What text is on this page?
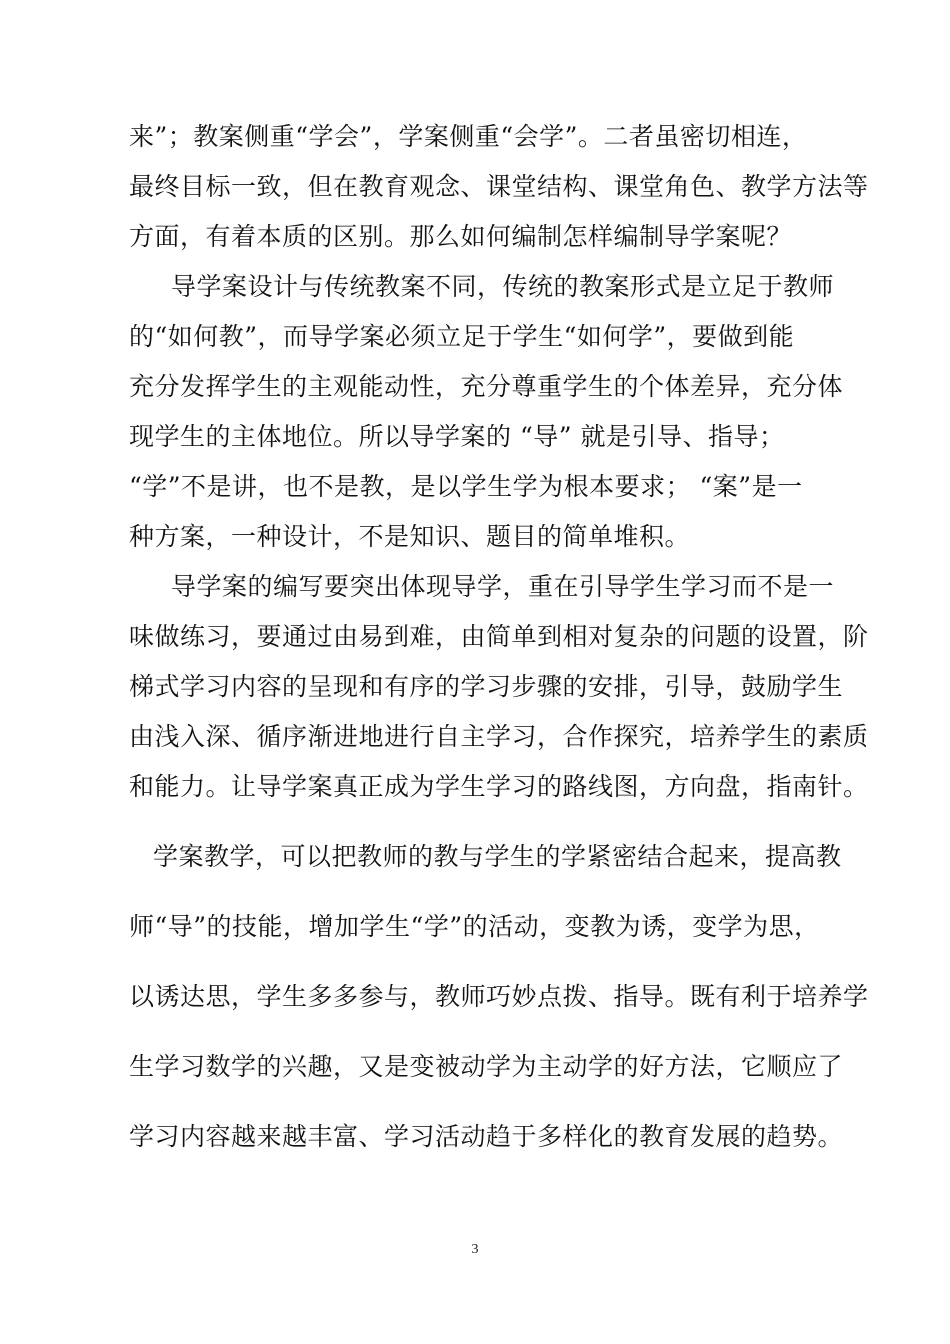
来”；教案侧重“学会”，学案侧重“会学”。二者虽密切相连，
最终目标一致，但在教育观念、课堂结构、课堂角色、教学方法等
方面，有着本质的区别。那么如何编制怎样编制导学案呢？
导学案设计与传统教案不同，传统的教案形式是立足于教师
的“如何教”，而导学案必须立足于学生“如何学”，要做到能
充分发挥学生的主观能动性，充分尊重学生的个体差异，充分体
现学生的主体地位。所以导学案的 “导” 就是引导、指导；
“学”不是讲，也不是教，是以学生学为根本要求； “案”是一
种方案，一种设计，不是知识、题目的简单堆积。
导学案的编写要突出体现导学，重在引导学生学习而不是一
味做练习，要通过由易到难，由简单到相对复杂的问题的设置，阶
梯式学习内容的呈现和有序的学习步骤的安排，引导，鼓励学生
由浅入深、循序渐进地进行自主学习，合作探究，培养学生的素质
和能力。让导学案真正成为学生学习的路线图，方向盘，指南针。
学案教学，可以把教师的教与学生的学紧密结合起来，提高教
师“导”的技能，增加学生“学”的活动，变教为诱，变学为思，
以诱达思，学生多多参与，教师巧妙点拨、指导。既有利于培养学
生学习数学的兴趣，又是变被动学为主动学的好方法，它顺应了
学习内容越来越丰富、学习活动趋于多样化的教育发展的趋势。
3
